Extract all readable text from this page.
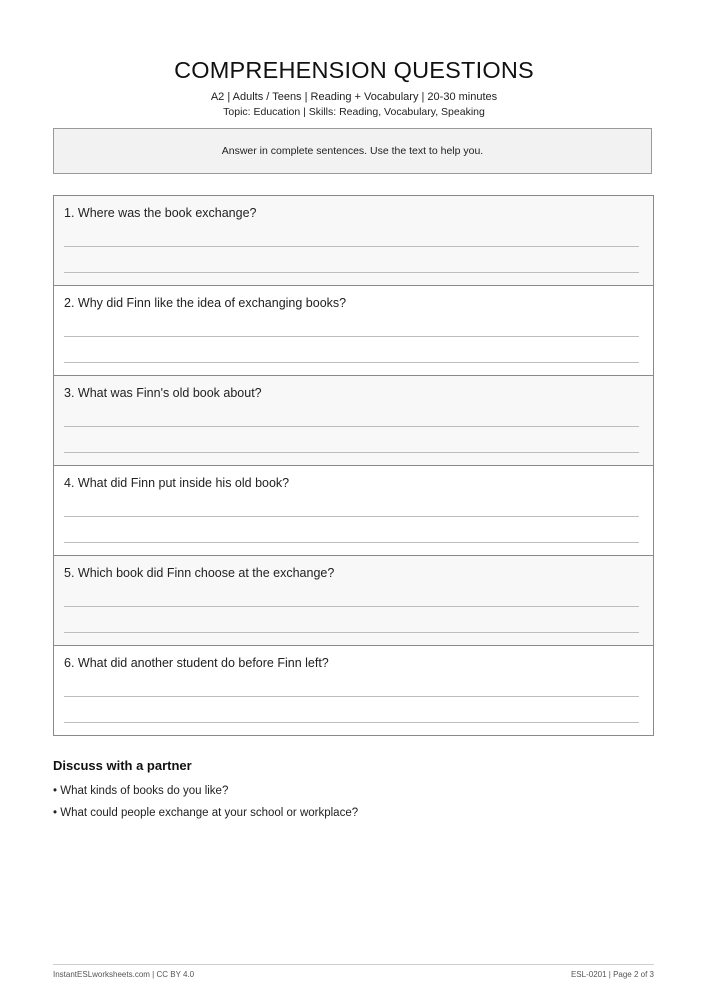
COMPREHENSION QUESTIONS
A2 | Adults / Teens | Reading + Vocabulary | 20-30 minutes
Topic: Education | Skills: Reading, Vocabulary, Speaking
Answer in complete sentences. Use the text to help you.
1. Where was the book exchange?
2. Why did Finn like the idea of exchanging books?
3. What was Finn's old book about?
4. What did Finn put inside his old book?
5. Which book did Finn choose at the exchange?
6. What did another student do before Finn left?
Discuss with a partner
• What kinds of books do you like?
• What could people exchange at your school or workplace?
InstantESLworksheets.com | CC BY 4.0	ESL-0201 | Page 2 of 3
